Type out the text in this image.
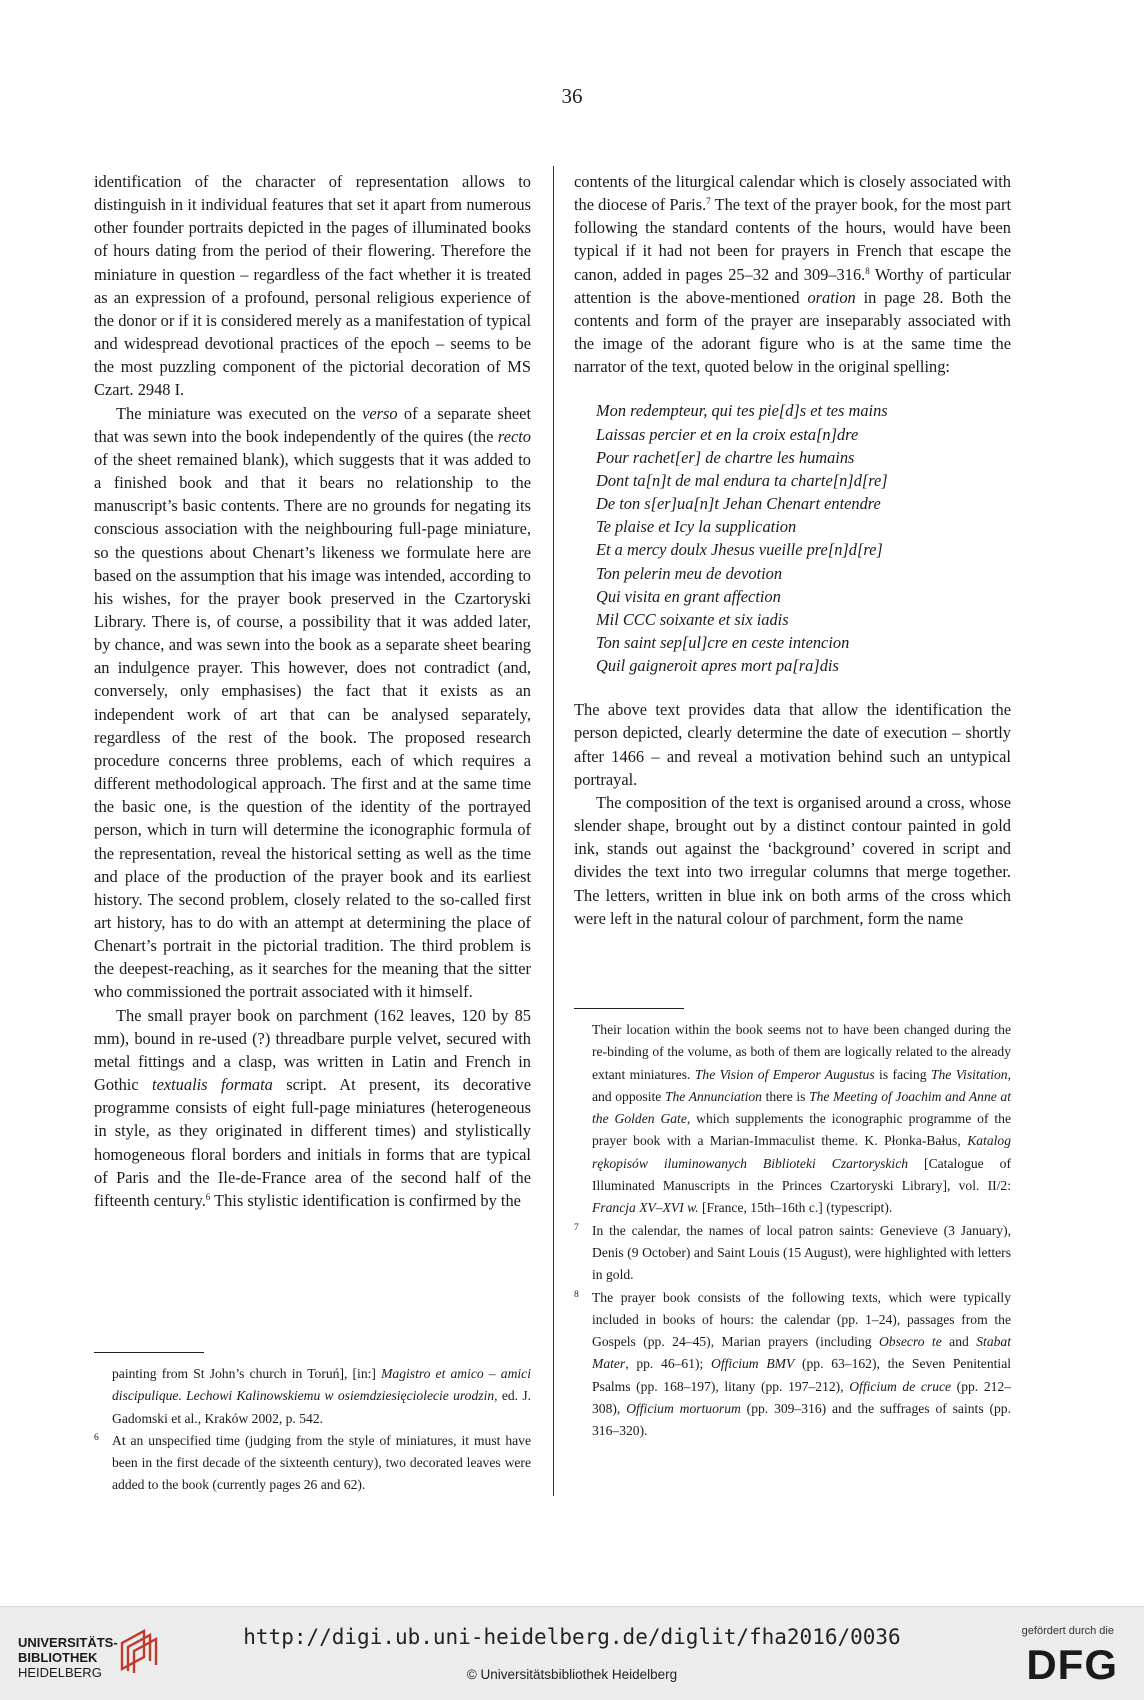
36

identification of the character of representation allows to distinguish in it individual features that set it apart from numerous other founder portraits depicted in the pages of illuminated books of hours dating from the period of their flowering. Therefore the miniature in question – regardless of the fact whether it is treated as an expression of a profound, personal religious experience of the donor or if it is considered merely as a manifestation of typical and widespread devotional practices of the epoch – seems to be the most puzzling component of the pictorial decoration of MS Czart. 2948 I.

The miniature was executed on the verso of a separate sheet that was sewn into the book independently of the quires (the recto of the sheet remained blank), which suggests that it was added to a finished book and that it bears no relationship to the manuscript’s basic contents. There are no grounds for negating its conscious association with the neighbouring full-page miniature, so the questions about Chenart’s likeness we formulate here are based on the assumption that his image was intended, according to his wishes, for the prayer book preserved in the Czartoryski Library. There is, of course, a possibility that it was added later, by chance, and was sewn into the book as a separate sheet bearing an indulgence prayer. This however, does not contradict (and, conversely, only emphasises) the fact that it exists as an independent work of art that can be analysed separately, regardless of the rest of the book. The proposed research procedure concerns three problems, each of which requires a different methodological approach. The first and at the same time the basic one, is the question of the identity of the portrayed person, which in turn will determine the iconographic formula of the representation, reveal the historical setting as well as the time and place of the production of the prayer book and its earliest history. The second problem, closely related to the so-called first art history, has to do with an attempt at determining the place of Chenart’s portrait in the pictorial tradition. The third problem is the deepest-reaching, as it searches for the meaning that the sitter who commissioned the portrait associated with it himself.

The small prayer book on parchment (162 leaves, 120 by 85 mm), bound in re-used (?) threadbare purple velvet, secured with metal fittings and a clasp, was written in Latin and French in Gothic textualis formata script. At present, its decorative programme consists of eight full-page miniatures (heterogeneous in style, as they originated in different times) and stylistically homogeneous floral borders and initials in forms that are typical of Paris and the Ile-de-France area of the second half of the fifteenth century.$^6$ This stylistic identification is confirmed by the

painting from St John’s church in Toruń], [in:] Magistro et amico – amici discipulique. Lechowi Kalinowskiemu w osiemdziesięciolecie urodzin, ed. J. Gadomski et al., Kraków 2002, p. 542.

6 At an unspecified time (judging from the style of miniatures, it must have been in the first decade of the sixteenth century), two decorated leaves were added to the book (currently pages 26 and 62).

contents of the liturgical calendar which is closely associated with the diocese of Paris.$^7$ The text of the prayer book, for the most part following the standard contents of the hours, would have been typical if it had not been for prayers in French that escape the canon, added in pages 25–32 and 309–316.$^8$ Worthy of particular attention is the above-mentioned oration in page 28. Both the contents and form of the prayer are inseparably associated with the image of the adorant figure who is at the same time the narrator of the text, quoted below in the original spelling:

Mon redempteur, qui tes pie[d]s et tes mains
Laissas percier et en la croix esta[n]dre
Pour rachet[er] de chartre les humains
Dont ta[n]t de mal endura ta charte[n]d[re]
De ton s[er]ua[n]t Jehan Chenart entendre
Te plaise et Icy la supplication
Et a mercy doulx Jhesus vueille pre[n]d[re]
Ton pelerin meu de devotion
Qui visita en grant affection
Mil CCC soixante et six iadis
Ton saint sep[ul]cre en ceste intencion
Quil gaigneroit apres mort pa[ra]dis

The above text provides data that allow the identification the person depicted, clearly determine the date of execution – shortly after 1466 – and reveal a motivation behind such an untypical portrayal.

The composition of the text is organised around a cross, whose slender shape, brought out by a distinct contour painted in gold ink, stands out against the ‘background’ covered in script and divides the text into two irregular columns that merge together. The letters, written in blue ink on both arms of the cross which were left in the natural colour of parchment, form the name

Their location within the book seems not to have been changed during the re-binding of the volume, as both of them are logically related to the already extant miniatures. The Vision of Emperor Augustus is facing The Visitation, and opposite The Annunciation there is The Meeting of Joachim and Anne at the Golden Gate, which supplements the iconographic programme of the prayer book with a Marian-Immaculist theme. K. Płonka-Bałus, Katalog rękopisów iluminowanych Biblioteki Czartoryskich [Catalogue of Illuminated Manuscripts in the Princes Czartoryski Library], vol. II/2: Francja XV–XVI w. [France, 15th–16th c.] (typescript).

7 In the calendar, the names of local patron saints: Genevieve (3 January), Denis (9 October) and Saint Louis (15 August), were highlighted with letters in gold.

8 The prayer book consists of the following texts, which were typically included in books of hours: the calendar (pp. 1–24), passages from the Gospels (pp. 24–45), Marian prayers (including Obsecro te and Stabat Mater, pp. 46–61); Officium BMV (pp. 63–162), the Seven Penitential Psalms (pp. 168–197), litany (pp. 197–212), Officium de cruce (pp. 212–308), Officium mortuorum (pp. 309–316) and the suffrages of saints (pp. 316–320).

UNIVERSITÄTS-
BIBLIOTHEK
HEIDELBERG
http://digi.ub.uni-heidelberg.de/diglit/fha2016/0036
© Universitätsbibliothek Heidelberg
gefördert durch die
DFG
